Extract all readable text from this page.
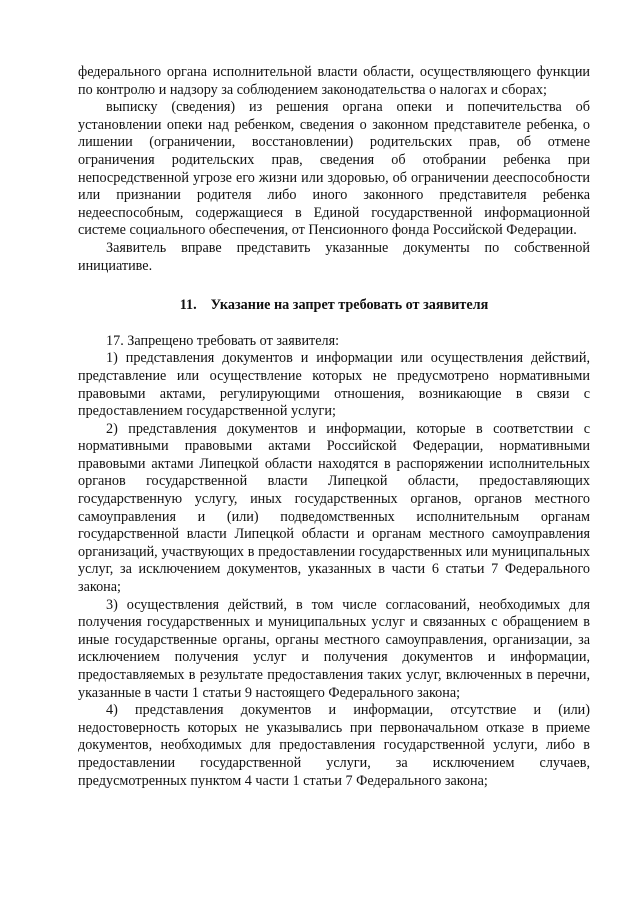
федерального органа исполнительной власти области, осуществляющего функции по контролю и надзору за соблюдением законодательства о налогах и сборах;

выписку (сведения) из решения органа опеки и попечительства об установлении опеки над ребенком, сведения о законном представителе ребенка, о лишении (ограничении, восстановлении) родительских прав, об отмене ограничения родительских прав, сведения об отобрании ребенка при непосредственной угрозе его жизни или здоровью, об ограничении дееспособности или признании родителя либо иного законного представителя ребенка недееспособным, содержащиеся в Единой государственной информационной системе социального обеспечения, от Пенсионного фонда Российской Федерации.

Заявитель вправе представить указанные документы по собственной инициативе.

11. Указание на запрет требовать от заявителя

17. Запрещено требовать от заявителя:

1) представления документов и информации или осуществления действий, представление или осуществление которых не предусмотрено нормативными правовыми актами, регулирующими отношения, возникающие в связи с предоставлением государственной услуги;

2) представления документов и информации, которые в соответствии с нормативными правовыми актами Российской Федерации, нормативными правовыми актами Липецкой области находятся в распоряжении исполнительных органов государственной власти Липецкой области, предоставляющих государственную услугу, иных государственных органов, органов местного самоуправления и (или) подведомственных исполнительным органам государственной власти Липецкой области и органам местного самоуправления организаций, участвующих в предоставлении государственных или муниципальных услуг, за исключением документов, указанных в части 6 статьи 7 Федерального закона;

3) осуществления действий, в том числе согласований, необходимых для получения государственных и муниципальных услуг и связанных с обращением в иные государственные органы, органы местного самоуправления, организации, за исключением получения услуг и получения документов и информации, предоставляемых в результате предоставления таких услуг, включенных в перечни, указанные в части 1 статьи 9 настоящего Федерального закона;

4) представления документов и информации, отсутствие и (или) недостоверность которых не указывались при первоначальном отказе в приеме документов, необходимых для предоставления государственной услуги, либо в предоставлении государственной услуги, за исключением случаев, предусмотренных пунктом 4 части 1 статьи 7 Федерального закона;
